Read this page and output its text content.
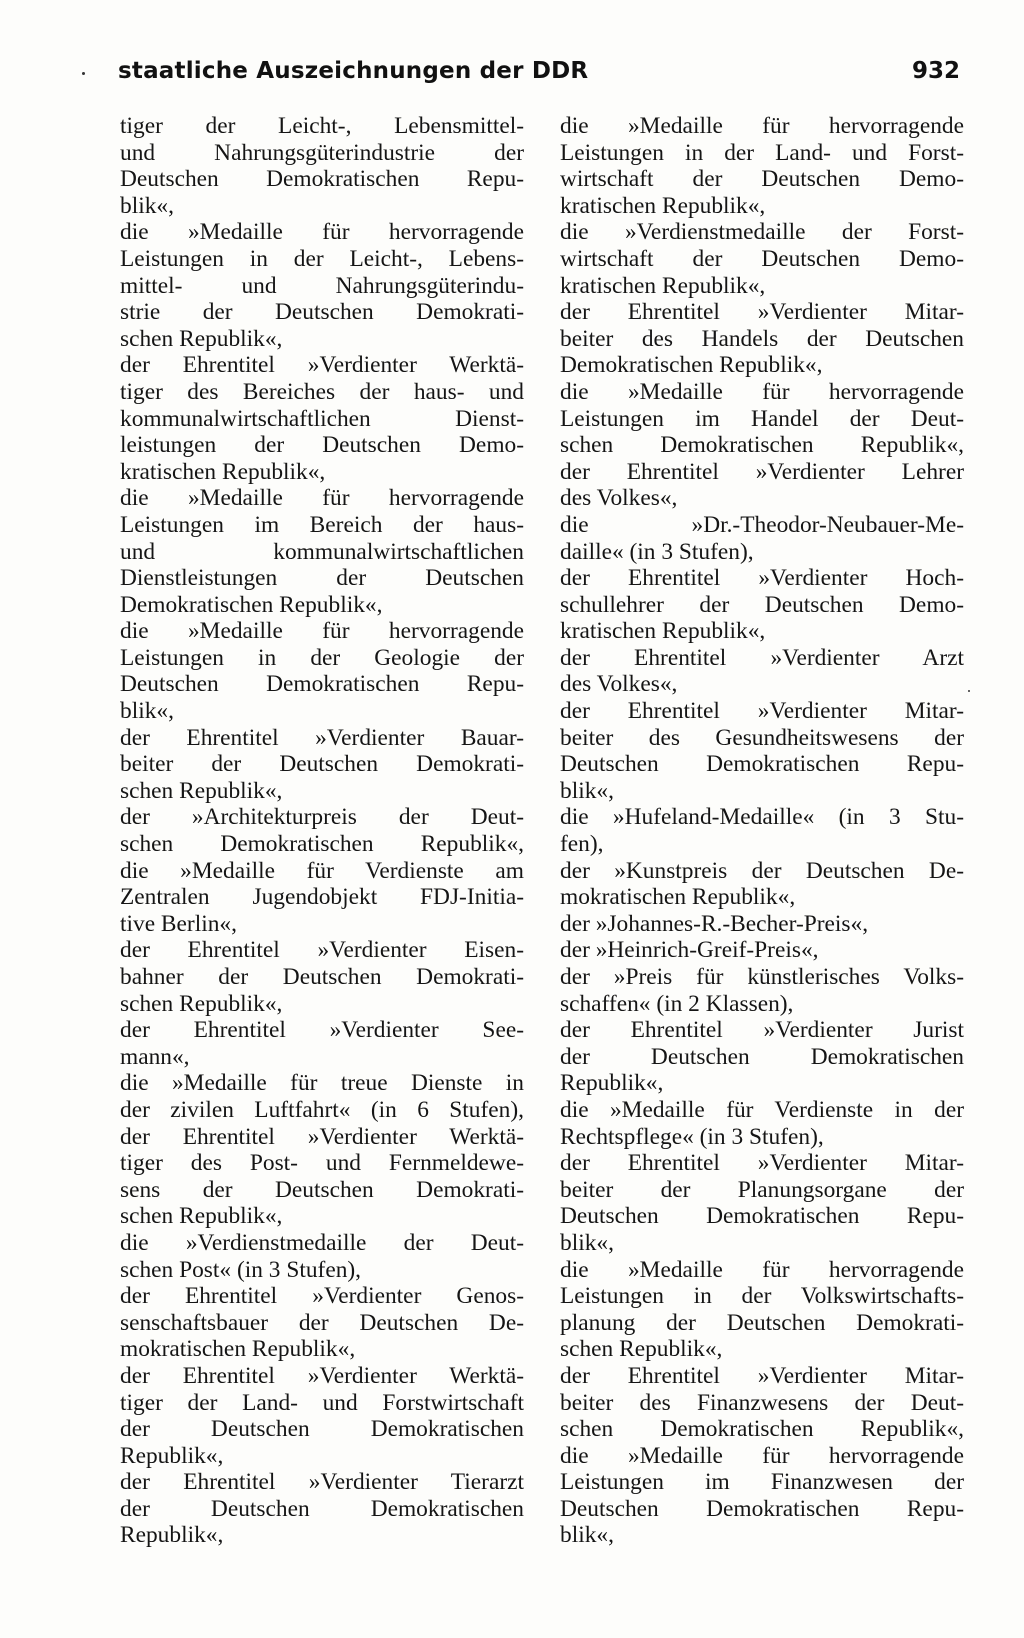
staatliche Auszeichnungen der DDR	932
tiger der Leicht-, Lebensmittel-
und Nahrungsgüterindustrie der
Deutschen Demokratischen Repu-
blik«,
die »Medaille für hervorragende
Leistungen in der Leicht-, Lebens-
mittel- und Nahrungsgüterindu-
strie der Deutschen Demokrati-
schen Republik«,
der Ehrentitel »Verdienter Werktä-
tiger des Bereiches der haus- und
kommunalwirtschaftlichen Dienst-
leistungen der Deutschen Demo-
kratischen Republik«,
die »Medaille für hervorragende
Leistungen im Bereich der haus-
und kommunalwirtschaftlichen
Dienstleistungen der Deutschen
Demokratischen Republik«,
die »Medaille für hervorragende
Leistungen in der Geologie der
Deutschen Demokratischen Repu-
blik«,
der Ehrentitel »Verdienter Bauar-
beiter der Deutschen Demokrati-
schen Republik«,
der »Architekturpreis der Deut-
schen Demokratischen Republik«,
die »Medaille für Verdienste am
Zentralen Jugendobjekt FDJ-Initia-
tive Berlin«,
der Ehrentitel »Verdienter Eisen-
bahner der Deutschen Demokrati-
schen Republik«,
der Ehrentitel »Verdienter See-
mann«,
die »Medaille für treue Dienste in
der zivilen Luftfahrt« (in 6 Stufen),
der Ehrentitel »Verdienter Werktä-
tiger des Post- und Fernmeldewe-
sens der Deutschen Demokrati-
schen Republik«,
die »Verdienstmedaille der Deut-
schen Post« (in 3 Stufen),
der Ehrentitel »Verdienter Genos-
senschaftsbauer der Deutschen De-
mokratischen Republik«,
der Ehrentitel »Verdienter Werktä-
tiger der Land- und Forstwirtschaft
der Deutschen Demokratischen
Republik«,
der Ehrentitel »Verdienter Tierarzt
der Deutschen Demokratischen
Republik«,
die »Medaille für hervorragende
Leistungen in der Land- und Forst-
wirtschaft der Deutschen Demo-
kratischen Republik«,
die »Verdienstmedaille der Forst-
wirtschaft der Deutschen Demo-
kratischen Republik«,
der Ehrentitel »Verdienter Mitar-
beiter des Handels der Deutschen
Demokratischen Republik«,
die »Medaille für hervorragende
Leistungen im Handel der Deut-
schen Demokratischen Republik«,
der Ehrentitel »Verdienter Lehrer
des Volkes«,
die »Dr.-Theodor-Neubauer-Me-
daille« (in 3 Stufen),
der Ehrentitel »Verdienter Hoch-
schullehrer der Deutschen Demo-
kratischen Republik«,
der Ehrentitel »Verdienter Arzt
des Volkes«,
der Ehrentitel »Verdienter Mitar-
beiter des Gesundheitswesens der
Deutschen Demokratischen Repu-
blik«,
die »Hufeland-Medaille« (in 3 Stu-
fen),
der »Kunstpreis der Deutschen De-
mokratischen Republik«,
der »Johannes-R.-Becher-Preis«,
der »Heinrich-Greif-Preis«,
der »Preis für künstlerisches Volks-
schaffen« (in 2 Klassen),
der Ehrentitel »Verdienter Jurist
der Deutschen Demokratischen
Republik«,
die »Medaille für Verdienste in der
Rechtspflege« (in 3 Stufen),
der Ehrentitel »Verdienter Mitar-
beiter der Planungsorgane der
Deutschen Demokratischen Repu-
blik«,
die »Medaille für hervorragende
Leistungen in der Volkswirtschafts-
planung der Deutschen Demokrati-
schen Republik«,
der Ehrentitel »Verdienter Mitar-
beiter des Finanzwesens der Deut-
schen Demokratischen Republik«,
die »Medaille für hervorragende
Leistungen im Finanzwesen der
Deutschen Demokratischen Repu-
blik«,
